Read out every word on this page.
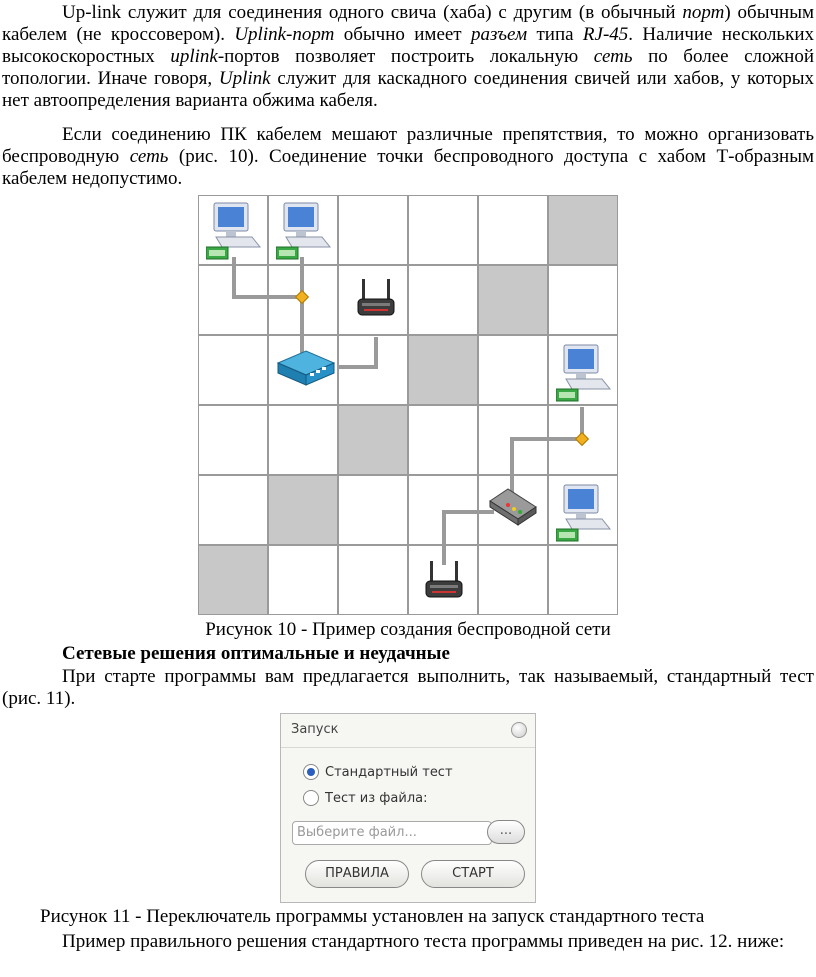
Up-link служит для соединения одного свича (хаба) с другим (в обычный порт) обычным кабелем (не кроссовером). Uplink-порт обычно имеет разъем типа RJ-45. Наличие нескольких высокоскоростных uplink-портов позволяет построить локальную сеть по более сложной топологии. Иначе говоря, Uplink служит для каскадного соединения свичей или хабов, у которых нет автоопределения варианта обжима кабеля.
Если соединению ПК кабелем мешают различные препятствия, то можно организовать беспроводную сеть (рис. 10). Соединение точки беспроводного доступа с хабом Т-образным кабелем недопустимо.
Рисунок 10 - Пример создания беспроводной сети
Сетевые решения оптимальные и неудачные
При старте программы вам предлагается выполнить, так называемый, стандартный тест (рис. 11).
Запуск
Стандартный тест
Тест из файла:
Выберите файл...	...
ПРАВИЛА	СТАРТ
Рисунок 11 - Переключатель программы установлен на запуск стандартного теста
Пример правильного решения стандартного теста программы приведен на рис. 12. ниже:
